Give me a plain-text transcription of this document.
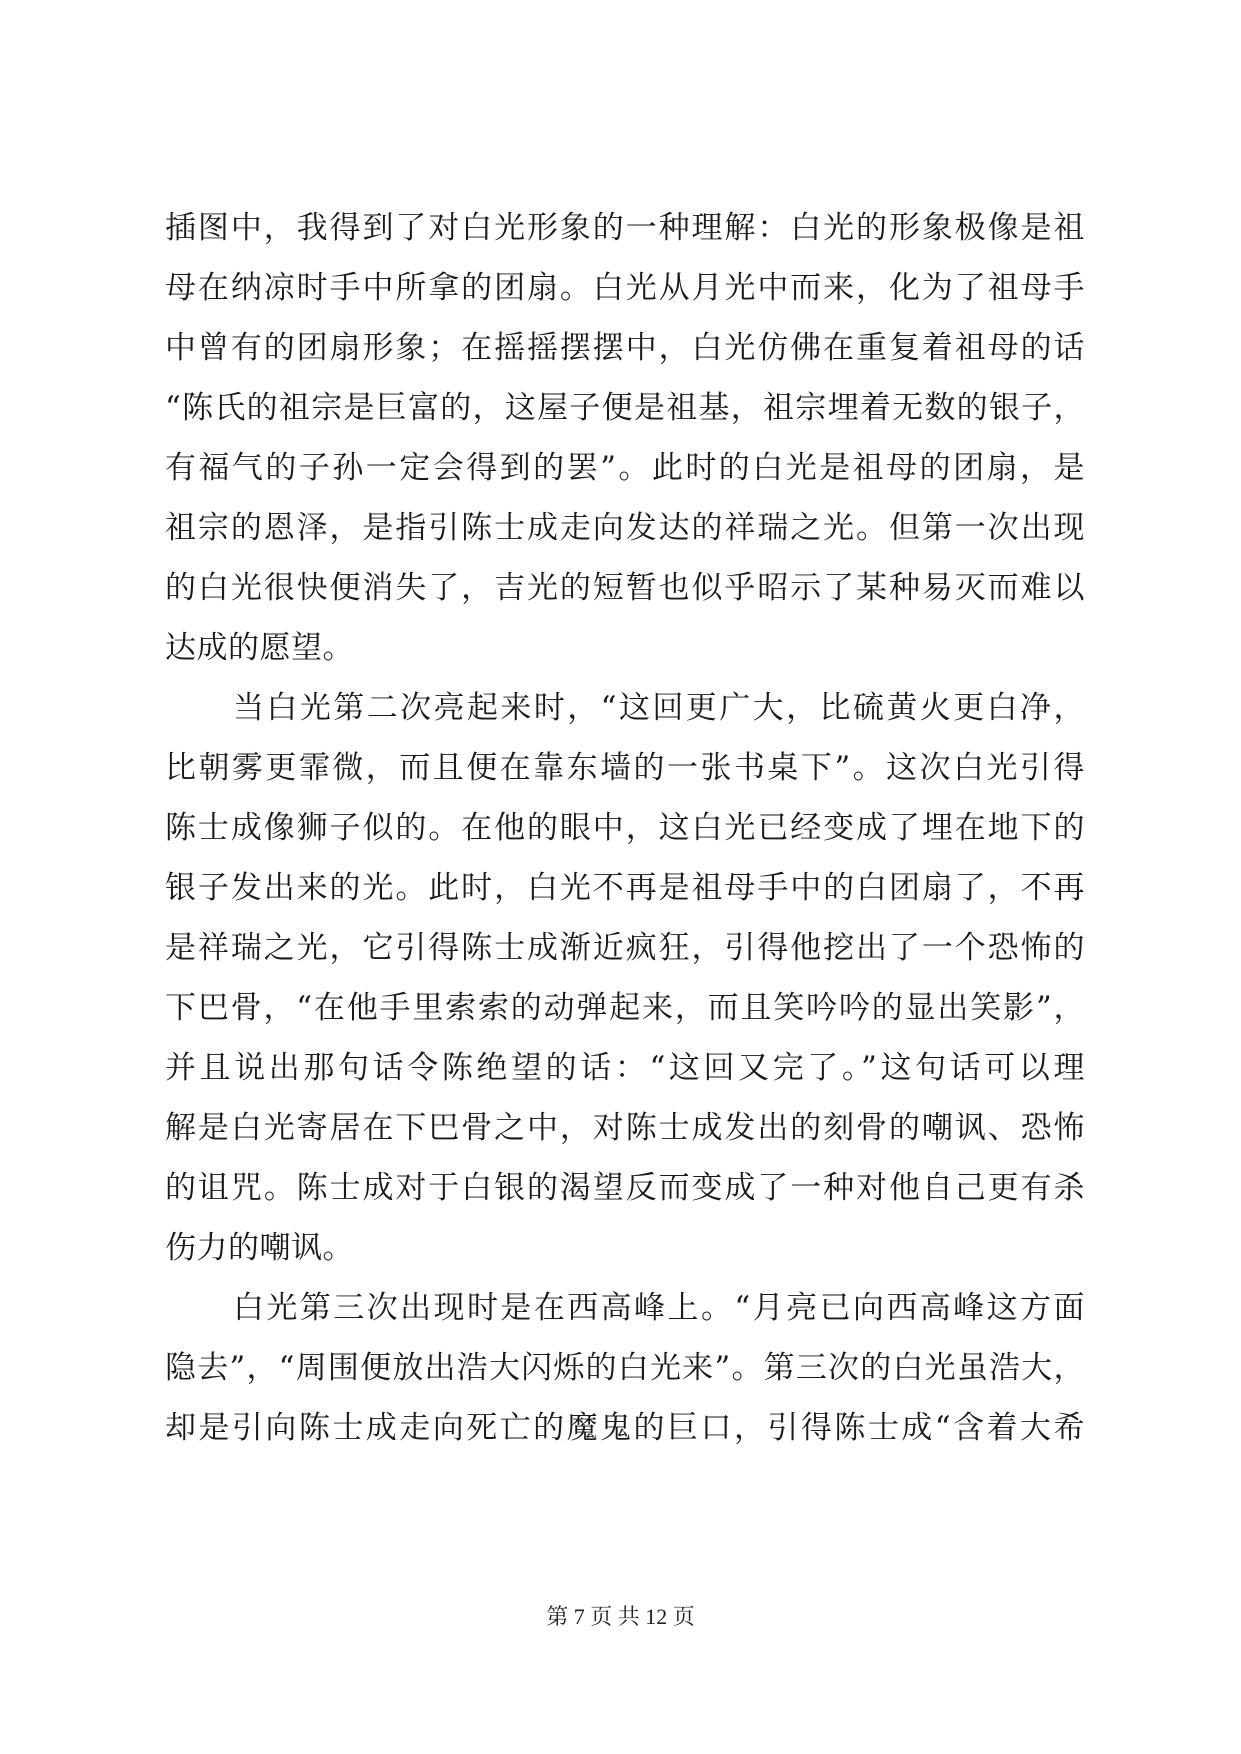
插图中，我得到了对白光形象的一种理解：白光的形象极像是祖
母在纳凉时手中所拿的团扇。白光从月光中而来，化为了祖母手
中曾有的团扇形象；在摇摇摆摆中，白光仿佛在重复着祖母的话
“陈氏的祖宗是巨富的，这屋子便是祖基，祖宗埋着无数的银子，
有福气的子孙一定会得到的罢”。此时的白光是祖母的团扇，是
祖宗的恩泽，是指引陈士成走向发达的祥瑞之光。但第一次出现
的白光很快便消失了，吉光的短暂也似乎昭示了某种易灭而难以
达成的愿望。
当白光第二次亮起来时，“这回更广大，比硫黄火更白净，
比朝雾更霏微，而且便在靠东墙的一张书桌下”。这次白光引得
陈士成像狮子似的。在他的眼中，这白光已经变成了埋在地下的
银子发出来的光。此时，白光不再是祖母手中的白团扇了，不再
是祥瑞之光，它引得陈士成渐近疯狂，引得他挖出了一个恐怖的
下巴骨，“在他手里索索的动弹起来，而且笑吟吟的显出笑影”，
并且说出那句话令陈绝望的话：“这回又完了。”这句话可以理
解是白光寄居在下巴骨之中，对陈士成发出的刻骨的嘲讽、恐怖
的诅咒。陈士成对于白银的渴望反而变成了一种对他自己更有杀
伤力的嘲讽。
白光第三次出现时是在西高峰上。“月亮已向西高峰这方面
隐去”，“周围便放出浩大闪烁的白光来”。第三次的白光虽浩大，
却是引向陈士成走向死亡的魔鬼的巨口，引得陈士成“含着大希
第 7 页 共 12 页
